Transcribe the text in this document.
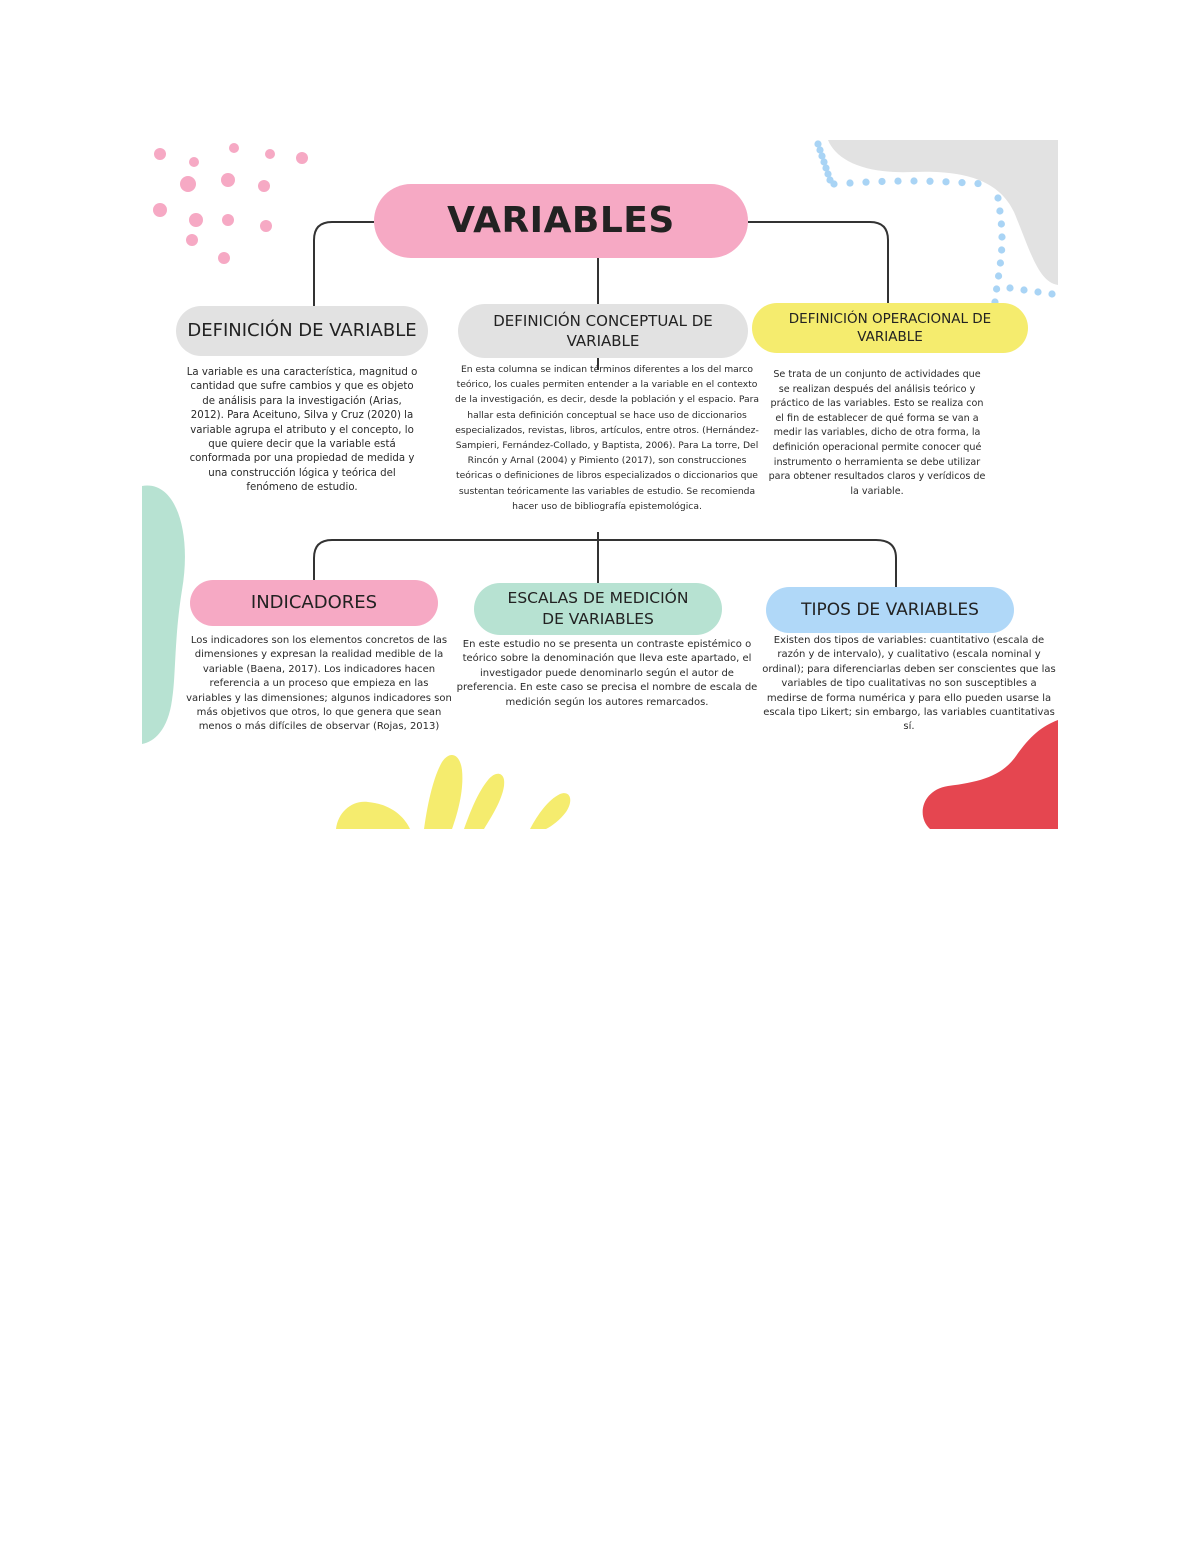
VARIABLES
DEFINICIÓN DE VARIABLE	DEFINICIÓN CONCEPTUAL DE
VARIABLE
DEFINICIÓN OPERACIONAL DE
VARIABLE
La variable es una característica, magnitud o cantidad que sufre cambios y que es objeto de análisis para la investigación (Arias, 2012). Para Aceituno, Silva y Cruz (2020) la variable agrupa el atributo y el concepto, lo que quiere decir que la variable está conformada por una propiedad de medida y una construcción lógica y teórica del fenómeno de estudio.
En esta columna se indican términos diferentes a los del marco teórico, los cuales permiten entender a la variable en el contexto de la investigación, es decir, desde la población y el espacio. Para hallar esta definición conceptual se hace uso de diccionarios especializados, revistas, libros, artículos, entre otros. (Hernández-Sampieri, Fernández-Collado, y Baptista, 2006). Para La torre, Del Rincón y Arnal (2004) y Pimiento (2017), son construcciones teóricas o definiciones de libros especializados o diccionarios que sustentan teóricamente las variables de estudio. Se recomienda hacer uso de bibliografía epistemológica.
Se trata de un conjunto de actividades que se realizan después del análisis teórico y práctico de las variables. Esto se realiza con el fin de establecer de qué forma se van a medir las variables, dicho de otra forma, la definición operacional permite conocer qué instrumento o herramienta se debe utilizar para obtener resultados claros y verídicos de la variable.
INDICADORES	ESCALAS DE MEDICIÓN
DE VARIABLES	TIPOS DE VARIABLES
Los indicadores son los elementos concretos de las dimensiones y expresan la realidad medible de la variable (Baena, 2017). Los indicadores hacen referencia a un proceso que empieza en las variables y las dimensiones; algunos indicadores son más objetivos que otros, lo que genera que sean menos o más difíciles de observar (Rojas, 2013)
En este estudio no se presenta un contraste epistémico o teórico sobre la denominación que lleva este apartado, el investigador puede denominarlo según el autor de preferencia. En este caso se precisa el nombre de escala de medición según los autores remarcados.
Existen dos tipos de variables: cuantitativo (escala de razón y de intervalo), y cualitativo (escala nominal y ordinal); para diferenciarlas deben ser conscientes que las variables de tipo cualitativas no son susceptibles a medirse de forma numérica y para ello pueden usarse la escala tipo Likert; sin embargo, las variables cuantitativas sí.
